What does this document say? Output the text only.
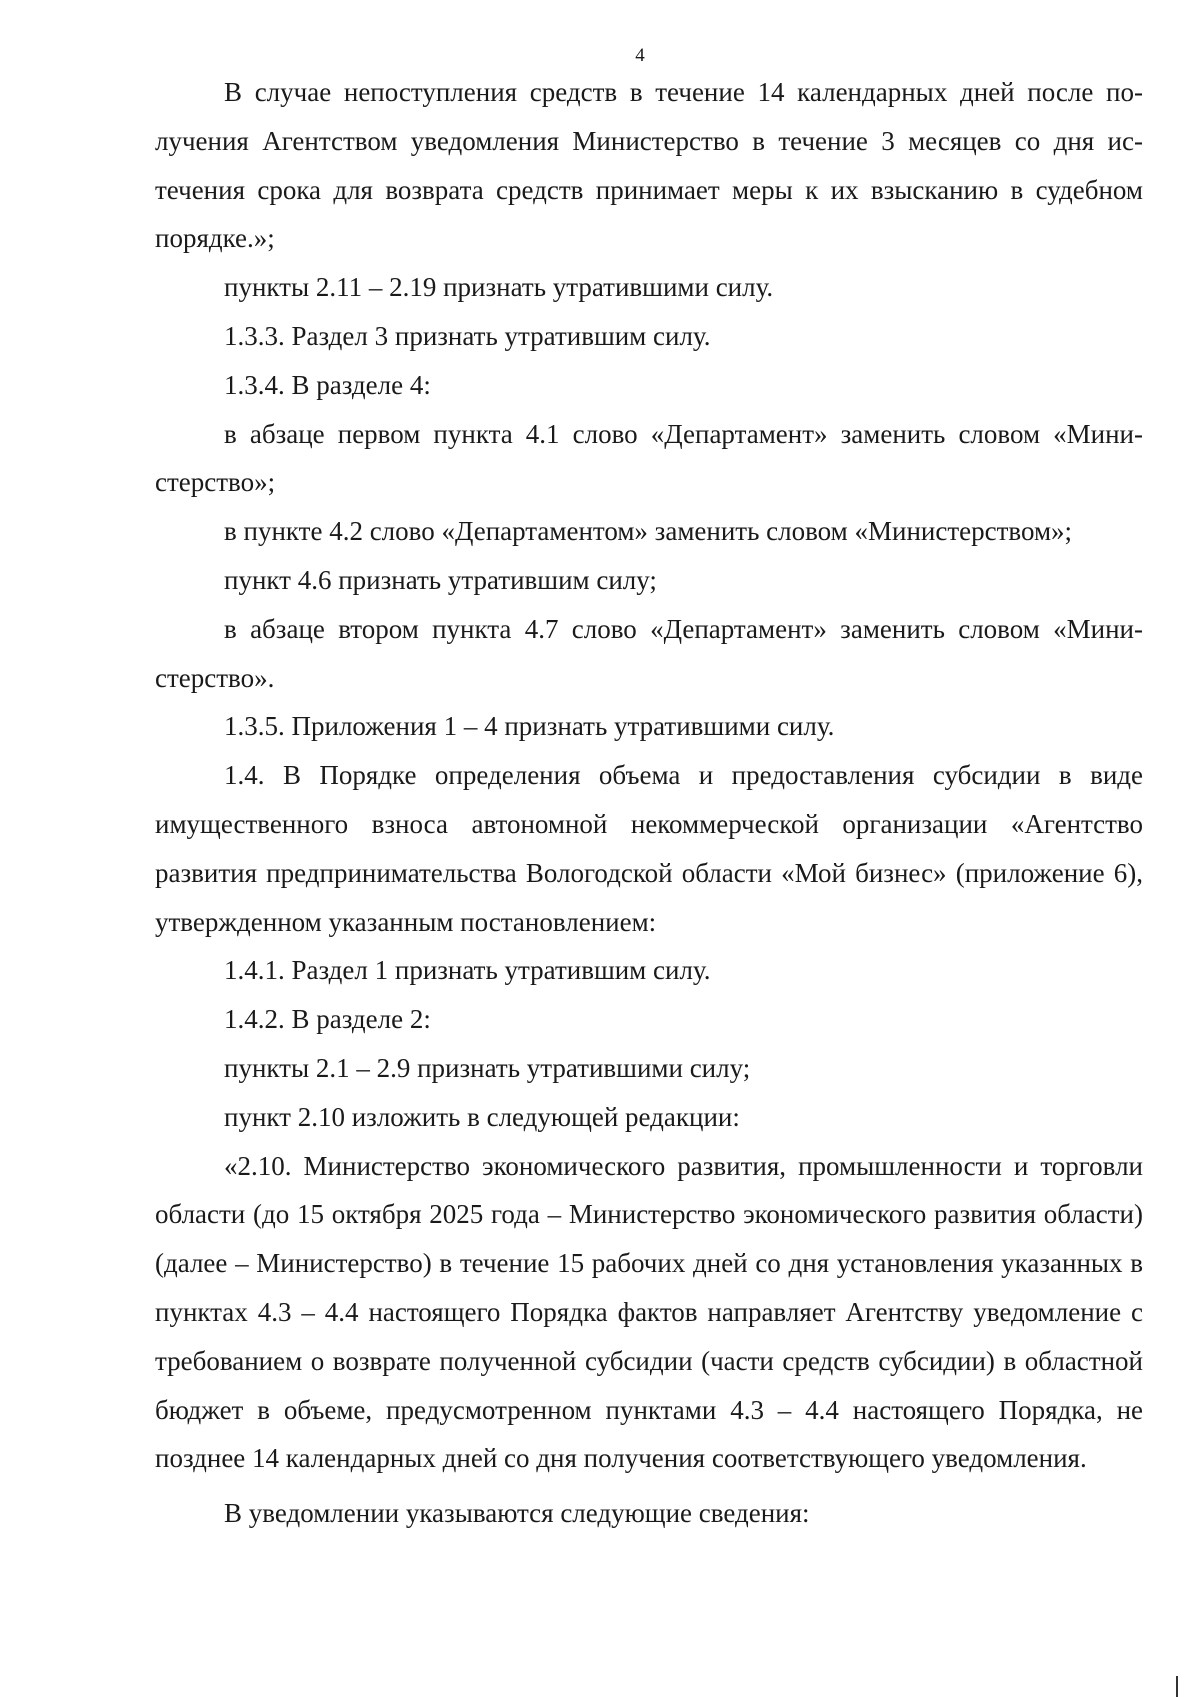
4

В случае непоступления средств в течение 14 календарных дней после получения Агентством уведомления Министерство в течение 3 месяцев со дня истечения срока для возврата средств принимает меры к их взысканию в судебном порядке.»;

пункты 2.11 – 2.19 признать утратившими силу.

1.3.3. Раздел 3 признать утратившим силу.

1.3.4. В разделе 4:

в абзаце первом пункта 4.1 слово «Департамент» заменить словом «Министерство»;

в пункте 4.2 слово «Департаментом» заменить словом «Министерством»;

пункт 4.6 признать утратившим силу;

в абзаце втором пункта 4.7 слово «Департамент» заменить словом «Министерство».

1.3.5. Приложения 1 – 4 признать утратившими силу.

1.4. В Порядке определения объема и предоставления субсидии в виде имущественного взноса автономной некоммерческой организации «Агентство развития предпринимательства Вологодской области «Мой бизнес» (приложение 6), утвержденном указанным постановлением:

1.4.1. Раздел 1 признать утратившим силу.

1.4.2. В разделе 2:

пункты 2.1 – 2.9 признать утратившими силу;

пункт 2.10 изложить в следующей редакции:

«2.10. Министерство экономического развития, промышленности и торговли области (до 15 октября 2025 года – Министерство экономического развития области) (далее – Министерство) в течение 15 рабочих дней со дня установления указанных в пунктах 4.3 – 4.4 настоящего Порядка фактов направляет Агентству уведомление с требованием о возврате полученной субсидии (части средств субсидии) в областной бюджет в объеме, предусмотренном пунктами 4.3 – 4.4 настоящего Порядка, не позднее 14 календарных дней со дня получения соответствующего уведомления.

В уведомлении указываются следующие сведения:
